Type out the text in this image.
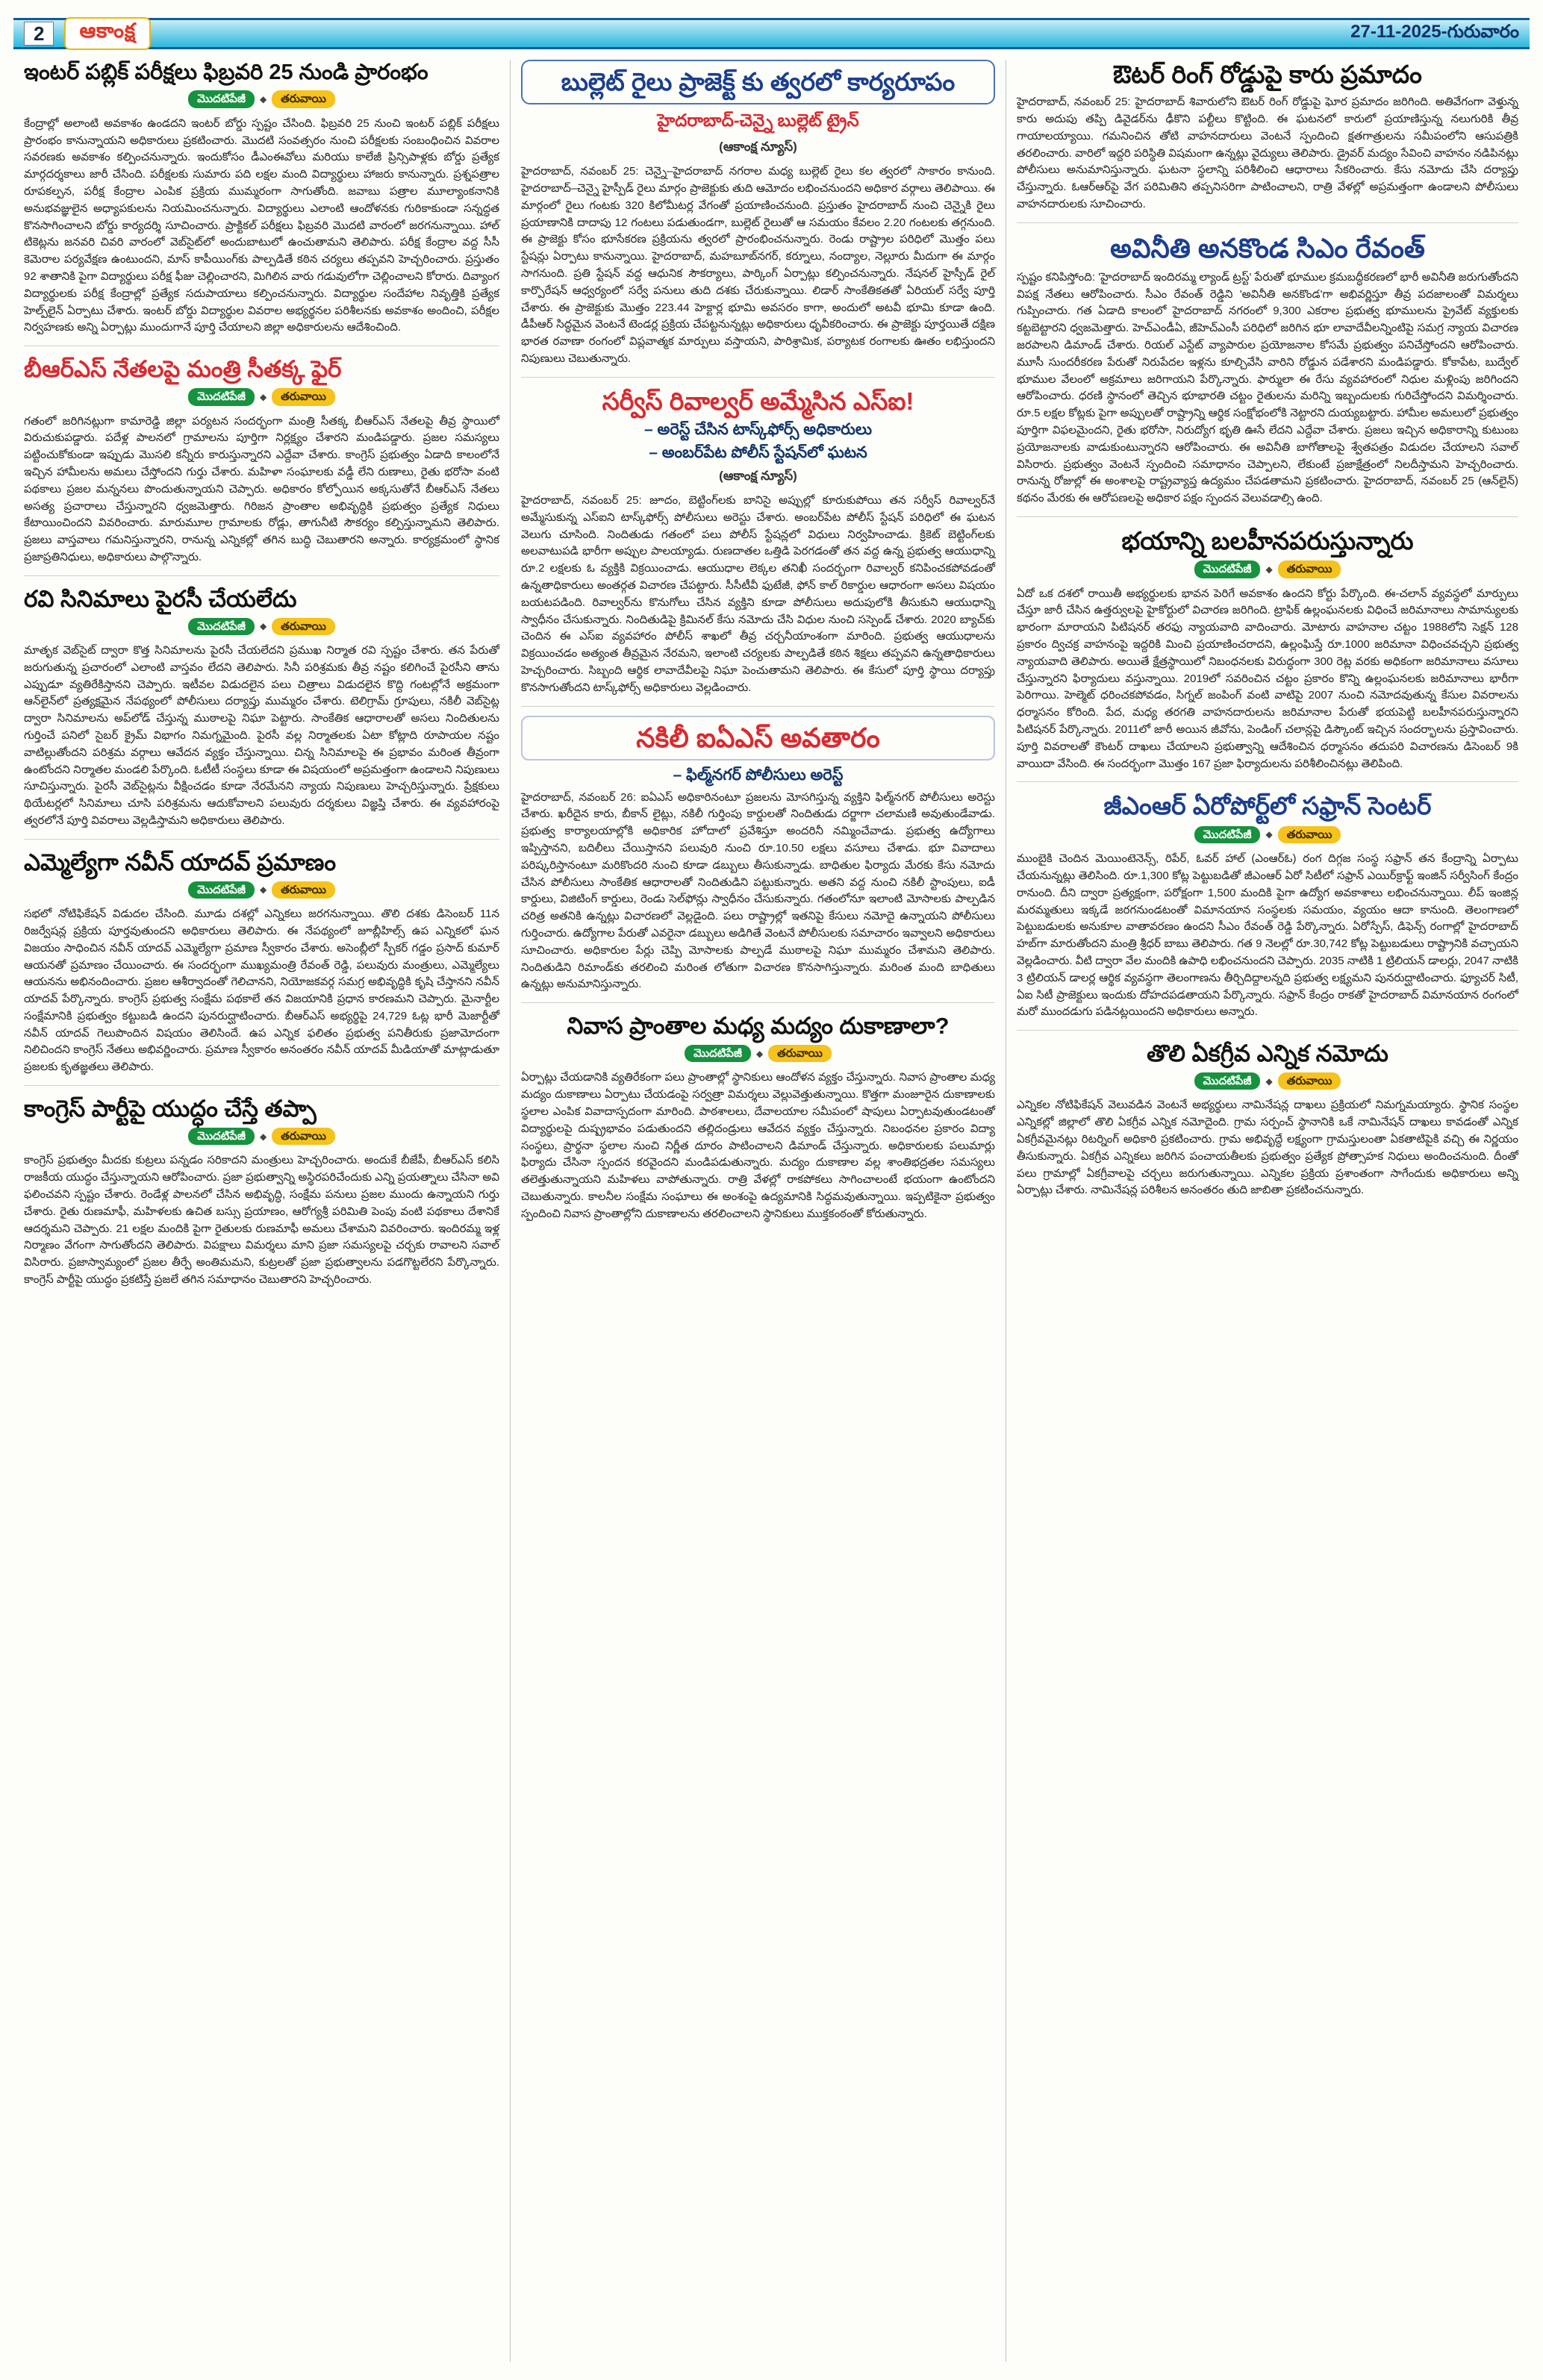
2	ఆకాంక్ష	27-11-2025-గురువారం
ఇంటర్ పబ్లిక్ పరీక్షలు ఫిబ్రవరి 25 నుండి ప్రారంభం
మొదటిపేజీ	◆	తరువాయి

కేంద్రాల్లో అలాంటి అవకాశం ఉండదని ఇంటర్ బోర్డు స్పష్టం చేసింది. ఫిబ్రవరి 25 నుంచి ఇంటర్ పబ్లిక్ పరీక్షలు ప్రారంభం కానున్నాయని అధికారులు ప్రకటించారు. మొదటి సంవత్సరం నుంచి పరీక్షలకు సంబంధించిన వివరాల సవరణకు అవకాశం కల్పించనున్నారు. ఇందుకోసం డీఎంఈవోలు మరియు కాలేజీ ప్రిన్సిపాళ్లకు బోర్డు ప్రత్యేక మార్గదర్శకాలు జారీ చేసింది. పరీక్షలకు సుమారు పది లక్షల మంది విద్యార్థులు హాజరు కానున్నారు. ప్రశ్నపత్రాల రూపకల్పన, పరీక్ష కేంద్రాల ఎంపిక ప్రక్రియ ముమ్మరంగా సాగుతోంది. జవాబు పత్రాల మూల్యాంకనానికి అనుభవజ్ఞులైన అధ్యాపకులను నియమించనున్నారు. విద్యార్థులు ఎలాంటి ఆందోళనకు గురికాకుండా సన్నద్ధత కొనసాగించాలని బోర్డు కార్యదర్శి సూచించారు. ప్రాక్టికల్ పరీక్షలు ఫిబ్రవరి మొదటి వారంలో జరగనున్నాయి. హాల్ టికెట్లను జనవరి చివరి వారంలో వెబ్‌సైట్‌లో అందుబాటులో ఉంచుతామని తెలిపారు. పరీక్ష కేంద్రాల వద్ద సీసీ కెమెరాల పర్యవేక్షణ ఉంటుందని, మాస్ కాపీయింగ్‌కు పాల్పడితే కఠిన చర్యలు తప్పవని హెచ్చరించారు. ప్రస్తుతం 92 శాతానికి పైగా విద్యార్థులు పరీక్ష ఫీజు చెల్లించారని, మిగిలిన వారు గడువులోగా చెల్లించాలని కోరారు. దివ్యాంగ విద్యార్థులకు పరీక్ష కేంద్రాల్లో ప్రత్యేక సదుపాయాలు కల్పించనున్నారు. విద్యార్థుల సందేహాల నివృత్తికి ప్రత్యేక హెల్ప్‌లైన్ ఏర్పాటు చేశారు. ఇంటర్ బోర్డు విద్యార్థుల వివరాల అభ్యర్థనల పరిశీలనకు అవకాశం అందించి, పరీక్షల నిర్వహణకు అన్ని ఏర్పాట్లు ముందుగానే పూర్తి చేయాలని జిల్లా అధికారులను ఆదేశించింది.

బీఆర్ఎస్ నేతలపై మంత్రి సీతక్క ఫైర్
మొదటిపేజీ	◆	తరువాయి

గతంలో జరిగినట్లుగా కామారెడ్డి జిల్లా పర్యటన సందర్భంగా మంత్రి సీతక్క బీఆర్ఎస్ నేతలపై తీవ్ర స్థాయిలో విరుచుకుపడ్డారు. పదేళ్ల పాలనలో గ్రామాలను పూర్తిగా నిర్లక్ష్యం చేశారని మండిపడ్డారు. ప్రజల సమస్యలు పట్టించుకోకుండా ఇప్పుడు మొసలి కన్నీరు కారుస్తున్నారని ఎద్దేవా చేశారు. కాంగ్రెస్ ప్రభుత్వం ఏడాది కాలంలోనే ఇచ్చిన హామీలను అమలు చేస్తోందని గుర్తు చేశారు. మహిళా సంఘాలకు వడ్డీ లేని రుణాలు, రైతు భరోసా వంటి పథకాలు ప్రజల మన్ననలు పొందుతున్నాయని చెప్పారు. అధికారం కోల్పోయిన అక్కసుతోనే బీఆర్ఎస్ నేతలు అసత్య ప్రచారాలు చేస్తున్నారని ధ్వజమెత్తారు. గిరిజన ప్రాంతాల అభివృద్ధికి ప్రభుత్వం ప్రత్యేక నిధులు కేటాయించిందని వివరించారు. మారుమూల గ్రామాలకు రోడ్లు, తాగునీటి సౌకర్యం కల్పిస్తున్నామని తెలిపారు. ప్రజలు వాస్తవాలు గమనిస్తున్నారని, రానున్న ఎన్నికల్లో తగిన బుద్ధి చెబుతారని అన్నారు. కార్యక్రమంలో స్థానిక ప్రజాప్రతినిధులు, అధికారులు పాల్గొన్నారు.

రవి సినిమాలు పైరసీ చేయలేదు
మొదటిపేజీ	◆	తరువాయి

మాతృక వెబ్‌సైట్ ద్వారా కొత్త సినిమాలను పైరసీ చేయలేదని ప్రముఖ నిర్మాత రవి స్పష్టం చేశారు. తన పేరుతో జరుగుతున్న ప్రచారంలో ఎలాంటి వాస్తవం లేదని తెలిపారు. సినీ పరిశ్రమకు తీవ్ర నష్టం కలిగించే పైరసీని తాను ఎప్పుడూ వ్యతిరేకిస్తానని చెప్పారు. ఇటీవల విడుదలైన పలు చిత్రాలు విడుదలైన కొద్ది గంటల్లోనే అక్రమంగా ఆన్‌లైన్‌లో ప్రత్యక్షమైన నేపథ్యంలో పోలీసులు దర్యాప్తు ముమ్మరం చేశారు. టెలిగ్రామ్ గ్రూపులు, నకిలీ వెబ్‌సైట్ల ద్వారా సినిమాలను అప్‌లోడ్ చేస్తున్న ముఠాలపై నిఘా పెట్టారు. సాంకేతిక ఆధారాలతో అసలు నిందితులను గుర్తించే పనిలో సైబర్ క్రైమ్ విభాగం నిమగ్నమైంది. పైరసీ వల్ల నిర్మాతలకు ఏటా కోట్లాది రూపాయల నష్టం వాటిల్లుతోందని పరిశ్రమ వర్గాలు ఆవేదన వ్యక్తం చేస్తున్నాయి. చిన్న సినిమాలపై ఈ ప్రభావం మరింత తీవ్రంగా ఉంటోందని నిర్మాతల మండలి పేర్కొంది. ఓటీటీ సంస్థలు కూడా ఈ విషయంలో అప్రమత్తంగా ఉండాలని నిపుణులు సూచిస్తున్నారు. పైరసీ వెబ్‌సైట్లను వీక్షించడం కూడా నేరమేనని న్యాయ నిపుణులు హెచ్చరిస్తున్నారు. ప్రేక్షకులు థియేటర్లలో సినిమాలు చూసి పరిశ్రమను ఆదుకోవాలని పలువురు దర్శకులు విజ్ఞప్తి చేశారు. ఈ వ్యవహారంపై త్వరలోనే పూర్తి వివరాలు వెల్లడిస్తామని అధికారులు తెలిపారు.

ఎమ్మెల్యేగా నవీన్ యాదవ్ ప్రమాణం
మొదటిపేజీ	◆	తరువాయి

సభలో నోటిఫికేషన్ విడుదల చేసింది. మూడు దశల్లో ఎన్నికలు జరగనున్నాయి. తొలి దశకు డిసెంబర్ 11న రిజర్వేషన్ల ప్రక్రియ పూర్తవుతుందని అధికారులు తెలిపారు. ఈ నేపథ్యంలో జూబ్లీహిల్స్ ఉప ఎన్నికలో ఘన విజయం సాధించిన నవీన్ యాదవ్ ఎమ్మెల్యేగా ప్రమాణ స్వీకారం చేశారు. అసెంబ్లీలో స్పీకర్ గడ్డం ప్రసాద్ కుమార్ ఆయనతో ప్రమాణం చేయించారు. ఈ సందర్భంగా ముఖ్యమంత్రి రేవంత్ రెడ్డి, పలువురు మంత్రులు, ఎమ్మెల్యేలు ఆయనను అభినందించారు. ప్రజల ఆశీర్వాదంతో గెలిచానని, నియోజకవర్గ సమగ్ర అభివృద్ధికి కృషి చేస్తానని నవీన్ యాదవ్ పేర్కొన్నారు. కాంగ్రెస్ ప్రభుత్వ సంక్షేమ పథకాలే తన విజయానికి ప్రధాన కారణమని చెప్పారు. మైనార్టీల సంక్షేమానికి ప్రభుత్వం కట్టుబడి ఉందని పునరుద్ఘాటించారు. బీఆర్ఎస్ అభ్యర్థిపై 24,729 ఓట్ల భారీ మెజార్టీతో నవీన్ యాదవ్ గెలుపొందిన విషయం తెలిసిందే. ఉప ఎన్నిక ఫలితం ప్రభుత్వ పనితీరుకు ప్రజామోదంగా నిలిచిందని కాంగ్రెస్ నేతలు అభివర్ణించారు. ప్రమాణ స్వీకారం అనంతరం నవీన్ యాదవ్ మీడియాతో మాట్లాడుతూ ప్రజలకు కృతజ్ఞతలు తెలిపారు.

కాంగ్రెస్ పార్టీపై యుద్ధం చేస్తే తప్పా
మొదటిపేజీ	◆	తరువాయి

కాంగ్రెస్ ప్రభుత్వం మీదకు కుట్రలు పన్నడం సరికాదని మంత్రులు హెచ్చరించారు. అందుకే బీజేపీ, బీఆర్ఎస్ కలిసి రాజకీయ యుద్ధం చేస్తున్నాయని ఆరోపించారు. ప్రజా ప్రభుత్వాన్ని అస్థిరపరిచేందుకు ఎన్ని ప్రయత్నాలు చేసినా అవి ఫలించవని స్పష్టం చేశారు. రెండేళ్ల పాలనలో చేసిన అభివృద్ధి, సంక్షేమ పనులు ప్రజల ముందు ఉన్నాయని గుర్తు చేశారు. రైతు రుణమాఫీ, మహిళలకు ఉచిత బస్సు ప్రయాణం, ఆరోగ్యశ్రీ పరిమితి పెంపు వంటి పథకాలు దేశానికే ఆదర్శమని చెప్పారు. 21 లక్షల మందికి పైగా రైతులకు రుణమాఫీ అమలు చేశామని వివరించారు. ఇందిరమ్మ ఇళ్ల నిర్మాణం వేగంగా సాగుతోందని తెలిపారు. విపక్షాలు విమర్శలు మాని ప్రజా సమస్యలపై చర్చకు రావాలని సవాల్ విసిరారు. ప్రజాస్వామ్యంలో ప్రజల తీర్పే అంతిమమని, కుట్రలతో ప్రజా ప్రభుత్వాలను పడగొట్టలేరని పేర్కొన్నారు. కాంగ్రెస్ పార్టీపై యుద్ధం ప్రకటిస్తే ప్రజలే తగిన సమాధానం చెబుతారని హెచ్చరించారు.

బుల్లెట్ రైలు ప్రాజెక్ట్ కు త్వరలో కార్యరూపం
హైదరాబాద్-చెన్నై బుల్లెట్ ట్రైన్
(ఆకాంక్ష న్యూస్)

హైదరాబాద్, నవంబర్ 25: చెన్నై–హైదరాబాద్ నగరాల మధ్య బుల్లెట్ రైలు కల త్వరలో సాకారం కానుంది. హైదరాబాద్–చెన్నై హైస్పీడ్ రైలు మార్గం ప్రాజెక్టుకు తుది ఆమోదం లభించనుందని అధికార వర్గాలు తెలిపాయి. ఈ మార్గంలో రైలు గంటకు 320 కిలోమీటర్ల వేగంతో ప్రయాణించనుంది. ప్రస్తుతం హైదరాబాద్ నుంచి చెన్నైకి రైలు ప్రయాణానికి దాదాపు 12 గంటలు పడుతుండగా, బుల్లెట్ రైలుతో ఆ సమయం కేవలం 2.20 గంటలకు తగ్గనుంది. ఈ ప్రాజెక్టు కోసం భూసేకరణ ప్రక్రియను త్వరలో ప్రారంభించనున్నారు. రెండు రాష్ట్రాల పరిధిలో మొత్తం పలు స్టేషన్లు ఏర్పాటు కానున్నాయి. హైదరాబాద్, మహబూబ్‌నగర్, కర్నూలు, నంద్యాల, నెల్లూరు మీదుగా ఈ మార్గం సాగనుంది. ప్రతి స్టేషన్ వద్ద ఆధునిక సౌకర్యాలు, పార్కింగ్ ఏర్పాట్లు కల్పించనున్నారు. నేషనల్ హైస్పీడ్ రైల్ కార్పొరేషన్ ఆధ్వర్యంలో సర్వే పనులు తుది దశకు చేరుకున్నాయి. లిడార్ సాంకేతికతతో ఏరియల్ సర్వే పూర్తి చేశారు. ఈ ప్రాజెక్టుకు మొత్తం 223.44 హెక్టార్ల భూమి అవసరం కాగా, అందులో అటవీ భూమి కూడా ఉంది. డీపీఆర్ సిద్ధమైన వెంటనే టెండర్ల ప్రక్రియ చేపట్టనున్నట్లు అధికారులు ధృవీకరించారు. ఈ ప్రాజెక్టు పూర్తయితే దక్షిణ భారత రవాణా రంగంలో విప్లవాత్మక మార్పులు వస్తాయని, పారిశ్రామిక, పర్యాటక రంగాలకు ఊతం లభిస్తుందని నిపుణులు చెబుతున్నారు.

సర్వీస్ రివాల్వర్ అమ్మేసిన ఎస్ఐ!
– అరెస్ట్ చేసిన టాస్క్‌ఫోర్స్ అధికారులు
– అంబర్‌పేట పోలీస్ స్టేషన్‌లో ఘటన
(ఆకాంక్ష న్యూస్)

హైదరాబాద్, నవంబర్ 25: జూదం, బెట్టింగ్‌లకు బానిసై అప్పుల్లో కూరుకుపోయి తన సర్వీస్ రివాల్వర్‌నే అమ్మేసుకున్న ఎస్ఐని టాస్క్‌ఫోర్స్ పోలీసులు అరెస్టు చేశారు. అంబర్‌పేట పోలీస్ స్టేషన్ పరిధిలో ఈ ఘటన వెలుగు చూసింది. నిందితుడు గతంలో పలు పోలీస్ స్టేషన్లలో విధులు నిర్వహించాడు. క్రికెట్ బెట్టింగ్‌లకు అలవాటుపడి భారీగా అప్పుల పాలయ్యాడు. రుణదాతల ఒత్తిడి పెరగడంతో తన వద్ద ఉన్న ప్రభుత్వ ఆయుధాన్ని రూ.2 లక్షలకు ఓ వ్యక్తికి విక్రయించాడు. ఆయుధాల లెక్కల తనిఖీ సందర్భంగా రివాల్వర్ కనిపించకపోవడంతో ఉన్నతాధికారులు అంతర్గత విచారణ చేపట్టారు. సీసీటీవీ ఫుటేజీ, ఫోన్ కాల్ రికార్డుల ఆధారంగా అసలు విషయం బయటపడింది. రివాల్వర్‌ను కొనుగోలు చేసిన వ్యక్తిని కూడా పోలీసులు అదుపులోకి తీసుకుని ఆయుధాన్ని స్వాధీనం చేసుకున్నారు. నిందితుడిపై క్రిమినల్ కేసు నమోదు చేసి విధుల నుంచి సస్పెండ్ చేశారు. 2020 బ్యాచ్‌కు చెందిన ఈ ఎస్ఐ వ్యవహారం పోలీస్ శాఖలో తీవ్ర చర్చనీయాంశంగా మారింది. ప్రభుత్వ ఆయుధాలను విక్రయించడం అత్యంత తీవ్రమైన నేరమని, ఇలాంటి చర్యలకు పాల్పడితే కఠిన శిక్షలు తప్పవని ఉన్నతాధికారులు హెచ్చరించారు. సిబ్బంది ఆర్థిక లావాదేవీలపై నిఘా పెంచుతామని తెలిపారు. ఈ కేసులో పూర్తి స్థాయి దర్యాప్తు కొనసాగుతోందని టాస్క్‌ఫోర్స్ అధికారులు వెల్లడించారు.

నకిలీ ఐఏఎస్ అవతారం
– ఫిల్మ్‌నగర్ పోలీసులు అరెస్ట్

హైదరాబాద్, నవంబర్ 26: ఐఏఎస్ అధికారినంటూ ప్రజలను మోసగిస్తున్న వ్యక్తిని ఫిల్మ్‌నగర్ పోలీసులు అరెస్టు చేశారు. ఖరీదైన కారు, బీకాన్ లైట్లు, నకిలీ గుర్తింపు కార్డులతో నిందితుడు దర్జాగా చలామణి అవుతుండేవాడు. ప్రభుత్వ కార్యాలయాల్లోకి అధికారిక హోదాలో ప్రవేశిస్తూ అందరినీ నమ్మించేవాడు. ప్రభుత్వ ఉద్యోగాలు ఇప్పిస్తానని, బదిలీలు చేయిస్తానని పలువురి నుంచి రూ.10.50 లక్షలు వసూలు చేశాడు. భూ వివాదాలు పరిష్కరిస్తానంటూ మరికొందరి నుంచి కూడా డబ్బులు తీసుకున్నాడు. బాధితుల ఫిర్యాదు మేరకు కేసు నమోదు చేసిన పోలీసులు సాంకేతిక ఆధారాలతో నిందితుడిని పట్టుకున్నారు. అతని వద్ద నుంచి నకిలీ స్టాంపులు, ఐడీ కార్డులు, విజిటింగ్ కార్డులు, రెండు సెల్‌ఫోన్లు స్వాధీనం చేసుకున్నారు. గతంలోనూ ఇలాంటి మోసాలకు పాల్పడిన చరిత్ర అతనికి ఉన్నట్లు విచారణలో వెల్లడైంది. పలు రాష్ట్రాల్లో ఇతనిపై కేసులు నమోదై ఉన్నాయని పోలీసులు గుర్తించారు. ఉద్యోగాల పేరుతో ఎవరైనా డబ్బులు అడిగితే వెంటనే పోలీసులకు సమాచారం ఇవ్వాలని అధికారులు సూచించారు. అధికారుల పేర్లు చెప్పి మోసాలకు పాల్పడే ముఠాలపై నిఘా ముమ్మరం చేశామని తెలిపారు. నిందితుడిని రిమాండ్‌కు తరలించి మరింత లోతుగా విచారణ కొనసాగిస్తున్నారు. మరింత మంది బాధితులు ఉన్నట్లు అనుమానిస్తున్నారు.

నివాస ప్రాంతాల మధ్య మద్యం దుకాణాలా?
మొదటిపేజీ	◆	తరువాయి

ఏర్పాట్లు చేయడానికి వ్యతిరేకంగా పలు ప్రాంతాల్లో స్థానికులు ఆందోళన వ్యక్తం చేస్తున్నారు. నివాస ప్రాంతాల మధ్య మద్యం దుకాణాలు ఏర్పాటు చేయడంపై సర్వత్రా విమర్శలు వెల్లువెత్తుతున్నాయి. కొత్తగా మంజూరైన దుకాణాలకు స్థలాల ఎంపిక వివాదాస్పదంగా మారింది. పాఠశాలలు, దేవాలయాల సమీపంలో షాపులు ఏర్పాటవుతుండటంతో విద్యార్థులపై దుష్ప్రభావం పడుతుందని తల్లిదండ్రులు ఆవేదన వ్యక్తం చేస్తున్నారు. నిబంధనల ప్రకారం విద్యా సంస్థలు, ప్రార్థనా స్థలాల నుంచి నిర్ణీత దూరం పాటించాలని డిమాండ్ చేస్తున్నారు. అధికారులకు పలుమార్లు ఫిర్యాదు చేసినా స్పందన కరవైందని మండిపడుతున్నారు. మద్యం దుకాణాల వల్ల శాంతిభద్రతల సమస్యలు తలెత్తుతున్నాయని మహిళలు వాపోతున్నారు. రాత్రి వేళల్లో రాకపోకలు సాగించాలంటే భయంగా ఉంటోందని చెబుతున్నారు. కాలనీల సంక్షేమ సంఘాలు ఈ అంశంపై ఉద్యమానికి సిద్ధమవుతున్నాయి. ఇప్పటికైనా ప్రభుత్వం స్పందించి నివాస ప్రాంతాల్లోని దుకాణాలను తరలించాలని స్థానికులు ముక్తకంఠంతో కోరుతున్నారు.

ఔటర్ రింగ్ రోడ్డుపై కారు ప్రమాదం

హైదరాబాద్, నవంబర్ 25: హైదరాబాద్ శివారులోని ఔటర్ రింగ్ రోడ్డుపై ఘోర ప్రమాదం జరిగింది. అతివేగంగా వెళ్తున్న కారు అదుపు తప్పి డివైడర్‌ను ఢీకొని పల్టీలు కొట్టింది. ఈ ఘటనలో కారులో ప్రయాణిస్తున్న నలుగురికి తీవ్ర గాయాలయ్యాయి. గమనించిన తోటి వాహనదారులు వెంటనే స్పందించి క్షతగాత్రులను సమీపంలోని ఆసుపత్రికి తరలించారు. వారిలో ఇద్దరి పరిస్థితి విషమంగా ఉన్నట్లు వైద్యులు తెలిపారు. డ్రైవర్ మద్యం సేవించి వాహనం నడిపినట్లు పోలీసులు అనుమానిస్తున్నారు. ఘటనా స్థలాన్ని పరిశీలించి ఆధారాలు సేకరించారు. కేసు నమోదు చేసి దర్యాప్తు చేస్తున్నారు. ఓఆర్ఆర్‌పై వేగ పరిమితిని తప్పనిసరిగా పాటించాలని, రాత్రి వేళల్లో అప్రమత్తంగా ఉండాలని పోలీసులు వాహనదారులకు సూచించారు.

అవినీతి అనకొండ సిఎం రేవంత్

స్పష్టం కనిపిస్తోంది: 'హైదరాబాద్ ఇందిరమ్మ ల్యాండ్ ట్రస్ట్' పేరుతో భూముల క్రమబద్ధీకరణలో భారీ అవినీతి జరుగుతోందని విపక్ష నేతలు ఆరోపించారు. సీఎం రేవంత్ రెడ్డిని 'అవినీతి అనకొండ'గా అభివర్ణిస్తూ తీవ్ర పదజాలంతో విమర్శలు గుప్పించారు. గత ఏడాది కాలంలో హైదరాబాద్ నగరంలో 9,300 ఎకరాల ప్రభుత్వ భూములను ప్రైవేట్ వ్యక్తులకు కట్టబెట్టారని ధ్వజమెత్తారు. హెచ్ఎండీఏ, జీహెచ్ఎంసీ పరిధిలో జరిగిన భూ లావాదేవీలన్నింటిపై సమగ్ర న్యాయ విచారణ జరపాలని డిమాండ్ చేశారు. రియల్ ఎస్టేట్ వ్యాపారుల ప్రయోజనాల కోసమే ప్రభుత్వం పనిచేస్తోందని ఆరోపించారు. మూసీ సుందరీకరణ పేరుతో నిరుపేదల ఇళ్లను కూల్చివేసి వారిని రోడ్డున పడేశారని మండిపడ్డారు. కోకాపేట, బుద్వేల్ భూముల వేలంలో అక్రమాలు జరిగాయని పేర్కొన్నారు. ఫార్ములా ఈ రేసు వ్యవహారంలో నిధుల మళ్లింపు జరిగిందని ఆరోపించారు. ధరణి స్థానంలో తెచ్చిన భూభారతి చట్టం రైతులను మరిన్ని ఇబ్బందులకు గురిచేస్తోందని విమర్శించారు. రూ.5 లక్షల కోట్లకు పైగా అప్పులతో రాష్ట్రాన్ని ఆర్థిక సంక్షోభంలోకి నెట్టారని దుయ్యబట్టారు. హామీల అమలులో ప్రభుత్వం పూర్తిగా విఫలమైందని, రైతు భరోసా, నిరుద్యోగ భృతి ఊసే లేదని ఎద్దేవా చేశారు. ప్రజలు ఇచ్చిన అధికారాన్ని కుటుంబ ప్రయోజనాలకు వాడుకుంటున్నారని ఆరోపించారు. ఈ అవినీతి బాగోతాలపై శ్వేతపత్రం విడుదల చేయాలని సవాల్ విసిరారు. ప్రభుత్వం వెంటనే స్పందించి సమాధానం చెప్పాలని, లేకుంటే ప్రజాక్షేత్రంలో నిలదీస్తామని హెచ్చరించారు. రానున్న రోజుల్లో ఈ అంశాలపై రాష్ట్రవ్యాప్త ఉద్యమం చేపడతామని ప్రకటించారు. హైదరాబాద్, నవంబర్ 25 (ఆన్‌లైన్) కథనం మేరకు ఈ ఆరోపణలపై అధికార పక్షం స్పందన వెలువడాల్సి ఉంది.

భయాన్ని బలహీనపరుస్తున్నారు
మొదటిపేజీ	◆	తరువాయి

ఏదో ఒక దశలో రాయితీ అభ్యర్థులకు భావన పెరిగే అవకాశం ఉందని కోర్టు పేర్కొంది. ఈ-చలాన్ వ్యవస్థలో మార్పులు చేస్తూ జారీ చేసిన ఉత్తర్వులపై హైకోర్టులో విచారణ జరిగింది. ట్రాఫిక్ ఉల్లంఘనలకు విధించే జరిమానాలు సామాన్యులకు భారంగా మారాయని పిటిషనర్ తరఫు న్యాయవాది వాదించారు. మోటారు వాహనాల చట్టం 1988లోని సెక్షన్ 128 ప్రకారం ద్విచక్ర వాహనంపై ఇద్దరికి మించి ప్రయాణించరాదని, ఉల్లంఘిస్తే రూ.1000 జరిమానా విధించవచ్చని ప్రభుత్వ న్యాయవాది తెలిపారు. అయితే క్షేత్రస్థాయిలో నిబంధనలకు విరుద్ధంగా 300 రెట్ల వరకు అధికంగా జరిమానాలు వసూలు చేస్తున్నారని ఫిర్యాదులు వస్తున్నాయి. 2019లో సవరించిన చట్టం ప్రకారం కొన్ని ఉల్లంఘనలకు జరిమానాలు భారీగా పెరిగాయి. హెల్మెట్ ధరించకపోవడం, సిగ్నల్ జంపింగ్ వంటి వాటిపై 2007 నుంచి నమోదవుతున్న కేసుల వివరాలను ధర్మాసనం కోరింది. పేద, మధ్య తరగతి వాహనదారులను జరిమానాల పేరుతో భయపెట్టి బలహీనపరుస్తున్నారని పిటిషనర్ పేర్కొన్నారు. 2011లో జారీ అయిన జీవోను, పెండింగ్ చలాన్లపై డిస్కౌంట్ ఇచ్చిన సందర్భాలను ప్రస్తావించారు. పూర్తి వివరాలతో కౌంటర్ దాఖలు చేయాలని ప్రభుత్వాన్ని ఆదేశించిన ధర్మాసనం తదుపరి విచారణను డిసెంబర్ 9కి వాయిదా వేసింది. ఈ సందర్భంగా మొత్తం 167 ప్రజా ఫిర్యాదులను పరిశీలించినట్లు తెలిపింది.

జీఎంఆర్ ఏరోపోర్ట్‌లో సఫ్రాన్ సెంటర్
మొదటిపేజీ	◆	తరువాయి

ముంబైకి చెందిన మెయింటెనెన్స్, రిపేర్, ఓవర్ హాల్ (ఎంఆర్ఓ) రంగ దిగ్గజ సంస్థ సఫ్రాన్ తన కేంద్రాన్ని ఏర్పాటు చేయనున్నట్లు తెలిసింది. రూ.1,300 కోట్ల పెట్టుబడితో జీఎంఆర్ ఏరో సిటీలో సఫ్రాన్ ఎయిర్‌క్రాఫ్ట్ ఇంజిన్ సర్వీసింగ్ కేంద్రం రానుంది. దీని ద్వారా ప్రత్యక్షంగా, పరోక్షంగా 1,500 మందికి పైగా ఉద్యోగ అవకాశాలు లభించనున్నాయి. లీప్ ఇంజిన్ల మరమ్మతులు ఇక్కడే జరగనుండటంతో విమానయాన సంస్థలకు సమయం, వ్యయం ఆదా కానుంది. తెలంగాణలో పెట్టుబడులకు అనుకూల వాతావరణం ఉందని సీఎం రేవంత్ రెడ్డి పేర్కొన్నారు. ఏరోస్పేస్, డిఫెన్స్ రంగాల్లో హైదరాబాద్ హబ్‌గా మారుతోందని మంత్రి శ్రీధర్ బాబు తెలిపారు. గత 9 నెలల్లో రూ.30,742 కోట్ల పెట్టుబడులు రాష్ట్రానికి వచ్చాయని వెల్లడించారు. వీటి ద్వారా వేల మందికి ఉపాధి లభించనుందని చెప్పారు. 2035 నాటికి 1 ట్రిలియన్ డాలర్లు, 2047 నాటికి 3 ట్రిలియన్ డాలర్ల ఆర్థిక వ్యవస్థగా తెలంగాణను తీర్చిదిద్దాలన్నది ప్రభుత్వ లక్ష్యమని పునరుద్ఘాటించారు. ఫ్యూచర్ సిటీ, ఏఐ సిటీ ప్రాజెక్టులు ఇందుకు దోహదపడతాయని పేర్కొన్నారు. సఫ్రాన్ కేంద్రం రాకతో హైదరాబాద్ విమానయాన రంగంలో మరో ముందడుగు పడినట్లయిందని అధికారులు అన్నారు.

తొలి ఏకగ్రీవ ఎన్నిక నమోదు
మొదటిపేజీ	◆	తరువాయి

ఎన్నికల నోటిఫికేషన్ వెలువడిన వెంటనే అభ్యర్థులు నామినేషన్ల దాఖలు ప్రక్రియలో నిమగ్నమయ్యారు. స్థానిక సంస్థల ఎన్నికల్లో జిల్లాలో తొలి ఏకగ్రీవ ఎన్నిక నమోదైంది. గ్రామ సర్పంచ్ స్థానానికి ఒకే నామినేషన్ దాఖలు కావడంతో ఎన్నిక ఏకగ్రీవమైనట్లు రిటర్నింగ్ అధికారి ప్రకటించారు. గ్రామ అభివృద్ధే లక్ష్యంగా గ్రామస్తులంతా ఏకతాటిపైకి వచ్చి ఈ నిర్ణయం తీసుకున్నారు. ఏకగ్రీవ ఎన్నికలు జరిగిన పంచాయతీలకు ప్రభుత్వం ప్రత్యేక ప్రోత్సాహక నిధులు అందించనుంది. దీంతో పలు గ్రామాల్లో ఏకగ్రీవాలపై చర్చలు జరుగుతున్నాయి. ఎన్నికల ప్రక్రియ ప్రశాంతంగా సాగేందుకు అధికారులు అన్ని ఏర్పాట్లు చేశారు. నామినేషన్ల పరిశీలన అనంతరం తుది జాబితా ప్రకటించనున్నారు.
